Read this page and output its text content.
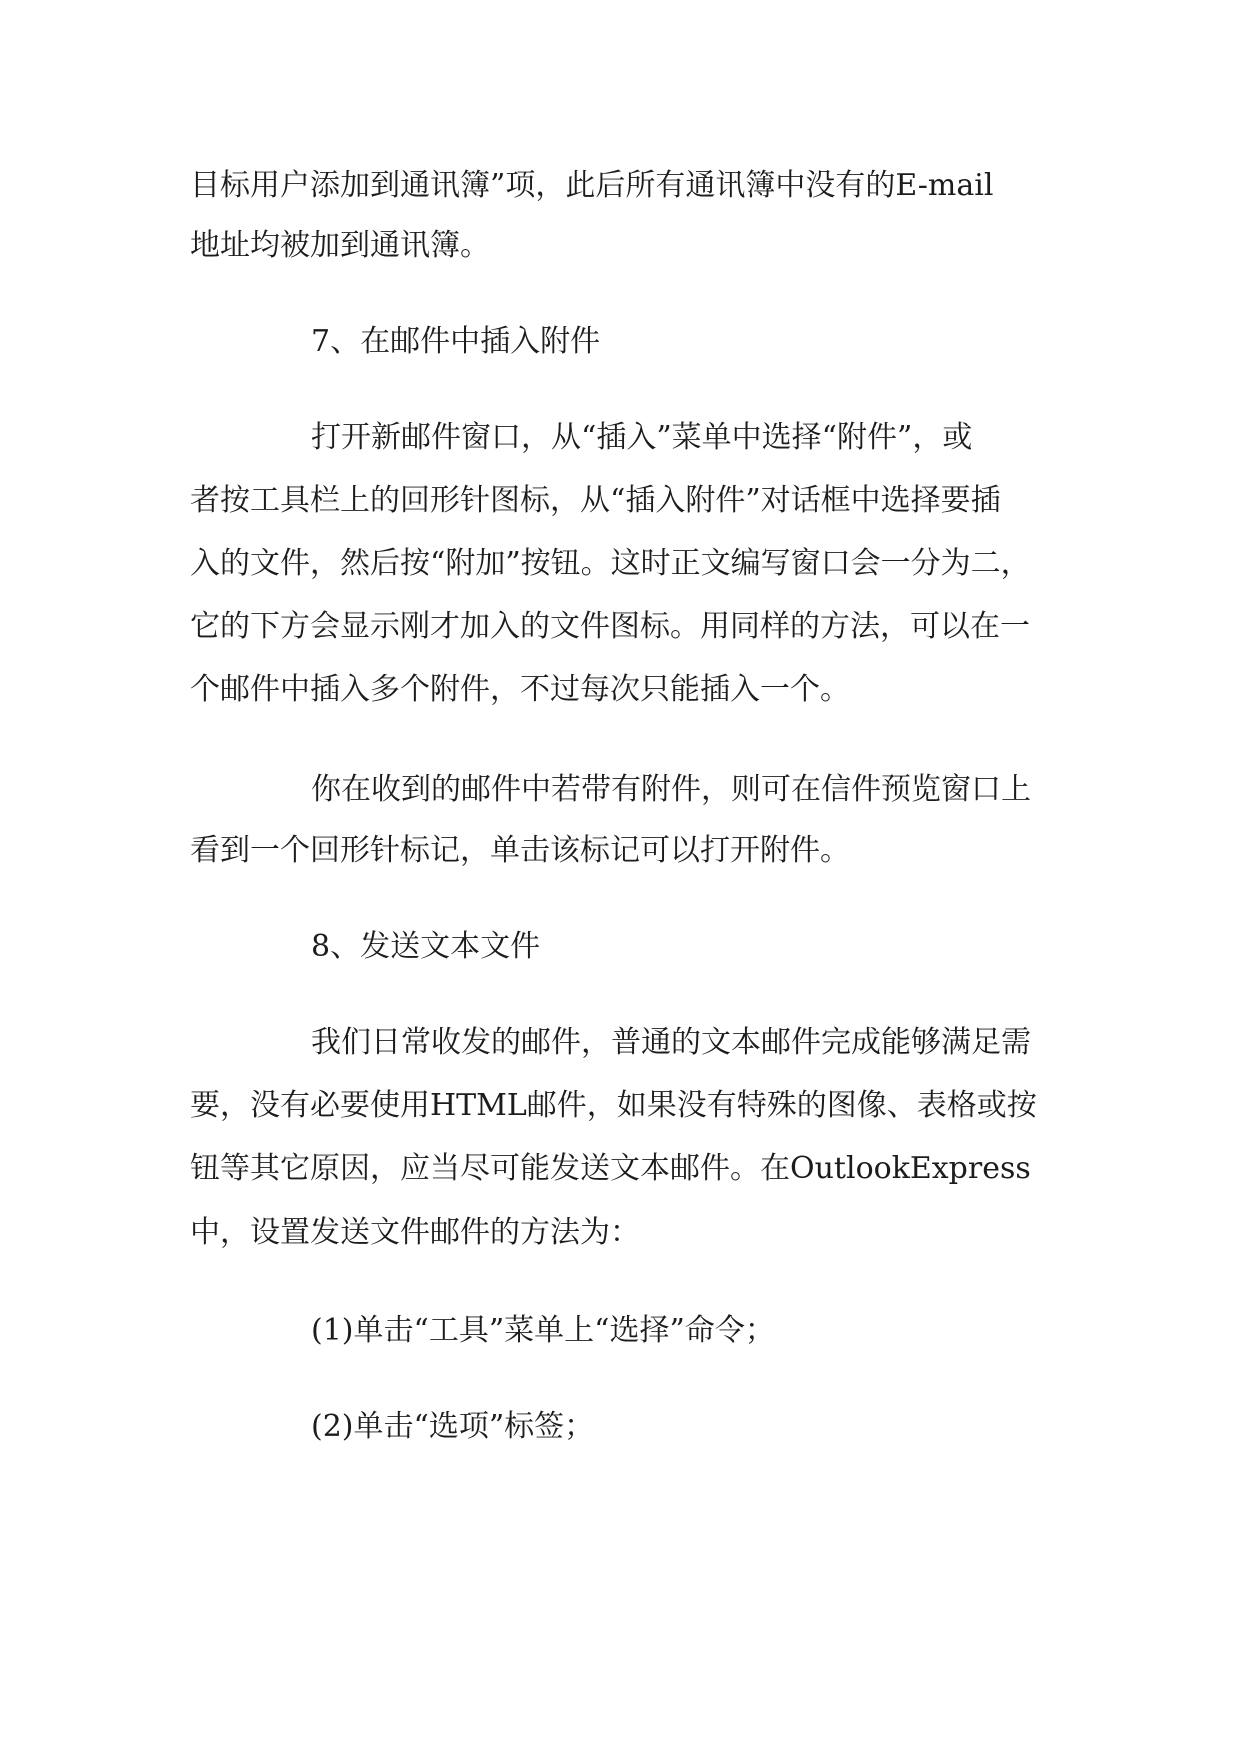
目标用户添加到通讯簿”项，此后所有通讯簿中没有的E-mail

地址均被加到通讯簿。

7、在邮件中插入附件

打开新邮件窗口，从“插入”菜单中选择“附件”，或

者按工具栏上的回形针图标，从“插入附件”对话框中选择要插

入的文件，然后按“附加”按钮。这时正文编写窗口会一分为二，

它的下方会显示刚才加入的文件图标。用同样的方法，可以在一

个邮件中插入多个附件，不过每次只能插入一个。

你在收到的邮件中若带有附件，则可在信件预览窗口上

看到一个回形针标记，单击该标记可以打开附件。

8、发送文本文件

我们日常收发的邮件，普通的文本邮件完成能够满足需

要，没有必要使用HTML邮件，如果没有特殊的图像、表格或按

钮等其它原因，应当尽可能发送文本邮件。在OutlookExpress

中，设置发送文件邮件的方法为：

(1)单击“工具”菜单上“选择”命令；

(2)单击“选项”标签；
